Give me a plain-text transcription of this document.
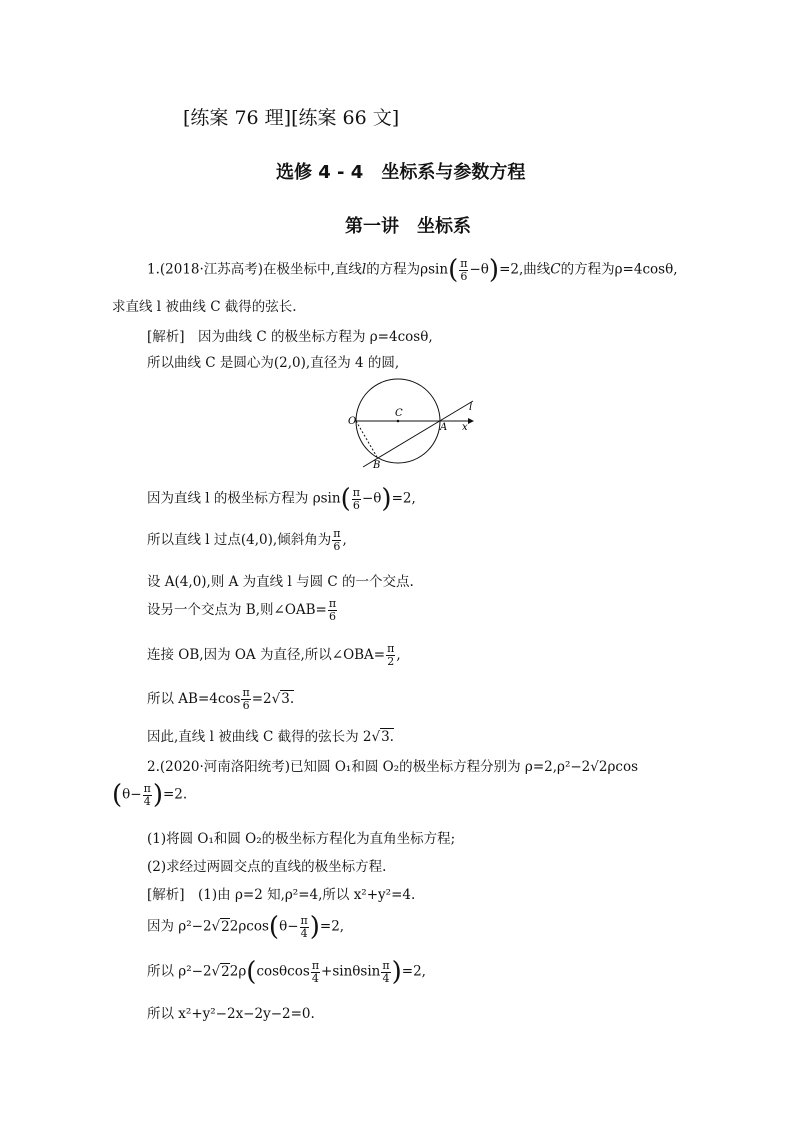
[练案 76 理][练案 66 文]
选修 4 - 4　坐标系与参数方程
第一讲　坐标系
1.(2018·江苏高考)在极坐标中,直线l的方程为$\rho\sin( \frac{\pi}{6} -\theta)=2$,曲线C的方程为ρ=4cosθ,
求直线 l 被曲线 C 截得的弦长.
[解析]　因为曲线 C 的极坐标方程为 ρ=4cosθ,
所以曲线 C 是圆心为(2,0),直径为 4 的圆,
O
C
A x
l
B
因为直线 l 的极坐标方程为 $\rho\sin( \frac{\pi}{6} -\theta)=2$,
所以直线 l 过点(4,0),倾斜角为 $\frac{\pi}{6}$ ,
设 A(4,0),则 A 为直线 l 与圆 C 的一个交点.
设另一个交点为 B,则∠OAB= $\frac{\pi}{6}$
连接 OB,因为 OA 为直径,所以∠OBA= $\frac{\pi}{2}$ ,
所以 $AB=4\cos \frac{\pi}{6} =2√3$.
因此,直线 l 被曲线 C 截得的弦长为 2√3.
2.(2020·河南洛阳统考)已知圆 O₁和圆 O₂的极坐标方程分别为 ρ=2,ρ²−2√2ρcos
$(\theta- \frac{\pi}{4} )=2$.
(1)将圆 O₁和圆 O₂的极坐标方程化为直角坐标方程;
(2)求经过两圆交点的直线的极坐标方程.
[解析]　(1)由 ρ=2 知,ρ²=4,所以 x²+y²=4.
因为 $\rho^2-2√22\rho\cos(\theta- \frac{\pi}{4} )=2$,
所以 $\rho^2-2√22\rho(\cos\theta\cos \frac{\pi}{4} +\sin\theta\sin \frac{\pi}{4} )=2$,
所以 x²+y²−2x−2y−2=0.
